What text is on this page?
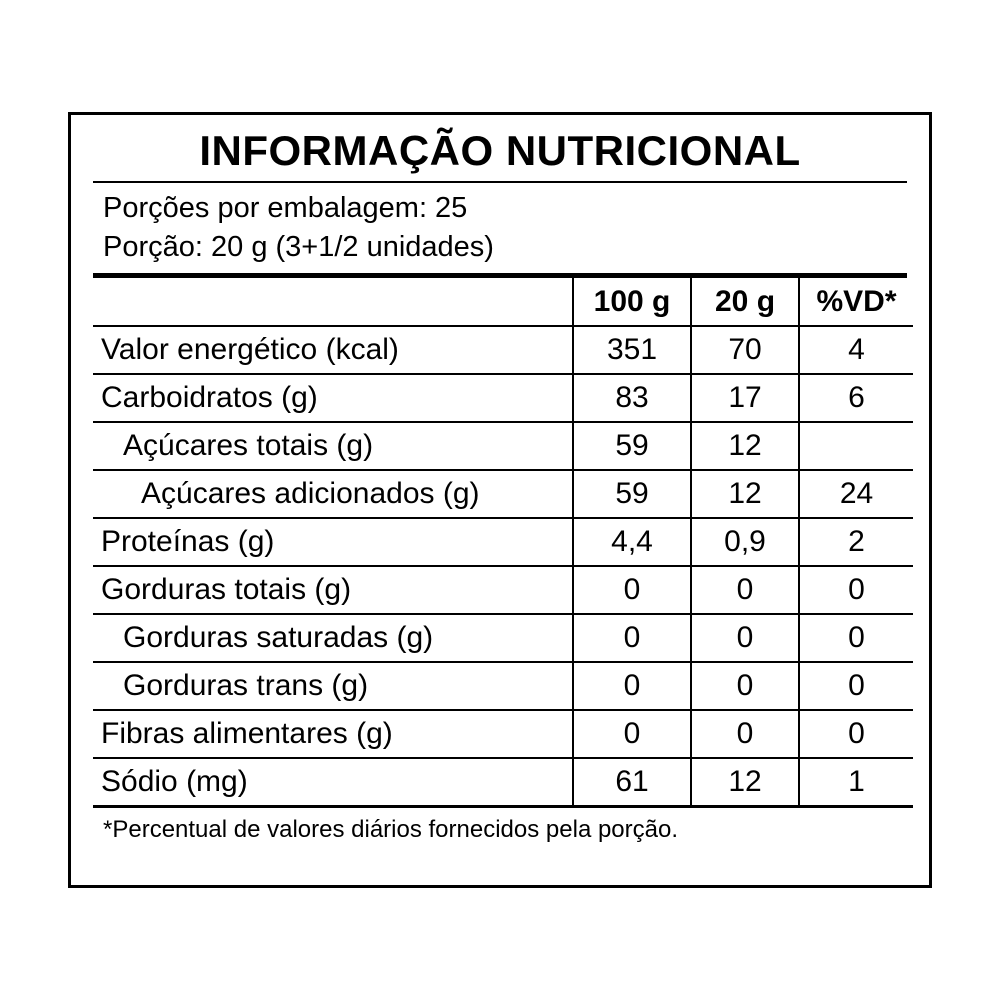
INFORMAÇÃO NUTRICIONAL
Porções por embalagem: 25
Porção: 20 g (3+1/2 unidades)
	100 g	20 g	%VD*
Valor energético (kcal)	351	70	4
Carboidratos (g)	83	17	6
Açúcares totais (g)	59	12	
Açúcares adicionados (g)	59	12	24
Proteínas (g)	4,4	0,9	2
Gorduras totais (g)	0	0	0
Gorduras saturadas (g)	0	0	0
Gorduras trans (g)	0	0	0
Fibras alimentares (g)	0	0	0
Sódio (mg)	61	12	1
*Percentual de valores diários fornecidos pela porção.
